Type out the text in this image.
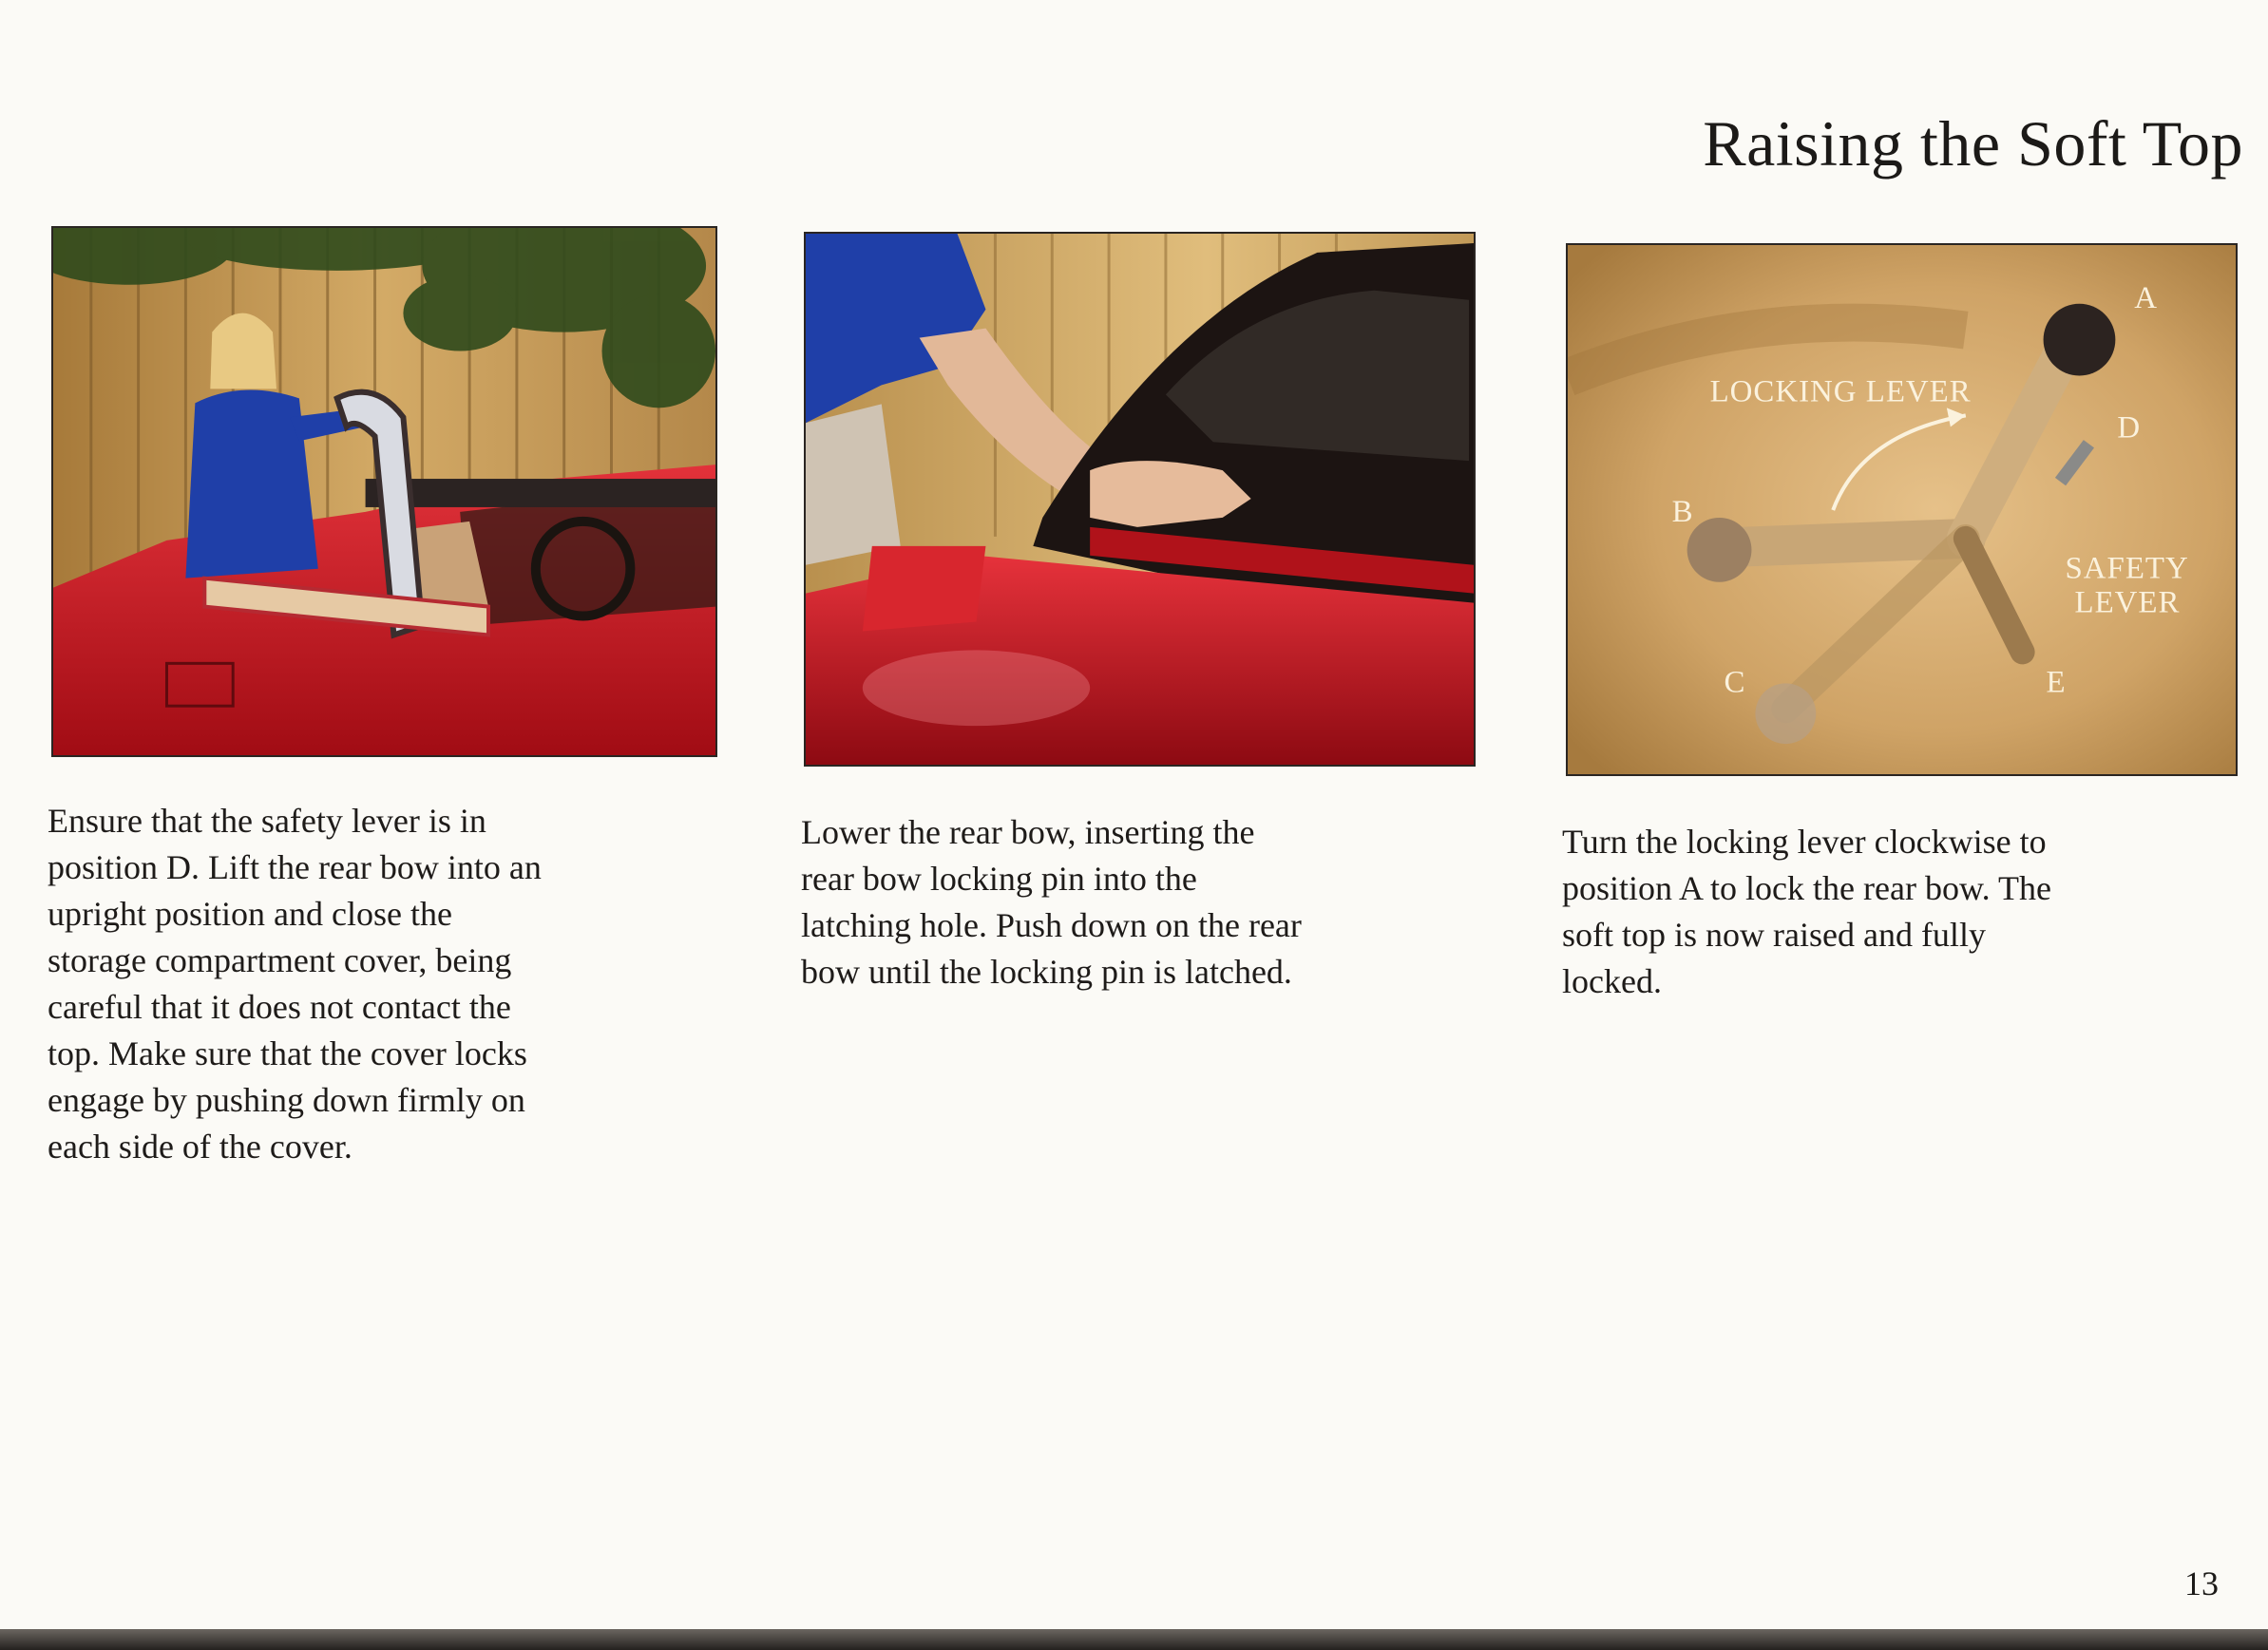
Raising the Soft Top
LOCKING LEVER
A
B
C
D
E
SAFETY
LEVER

Ensure that the safety lever is in
position D. Lift the rear bow into an
upright position and close the
storage compartment cover, being
careful that it does not contact the
top. Make sure that the cover locks
engage by pushing down firmly on
each side of the cover.

Lower the rear bow, inserting the
rear bow locking pin into the
latching hole. Push down on the rear
bow until the locking pin is latched.

Turn the locking lever clockwise to
position A to lock the rear bow. The
soft top is now raised and fully
locked.

13
